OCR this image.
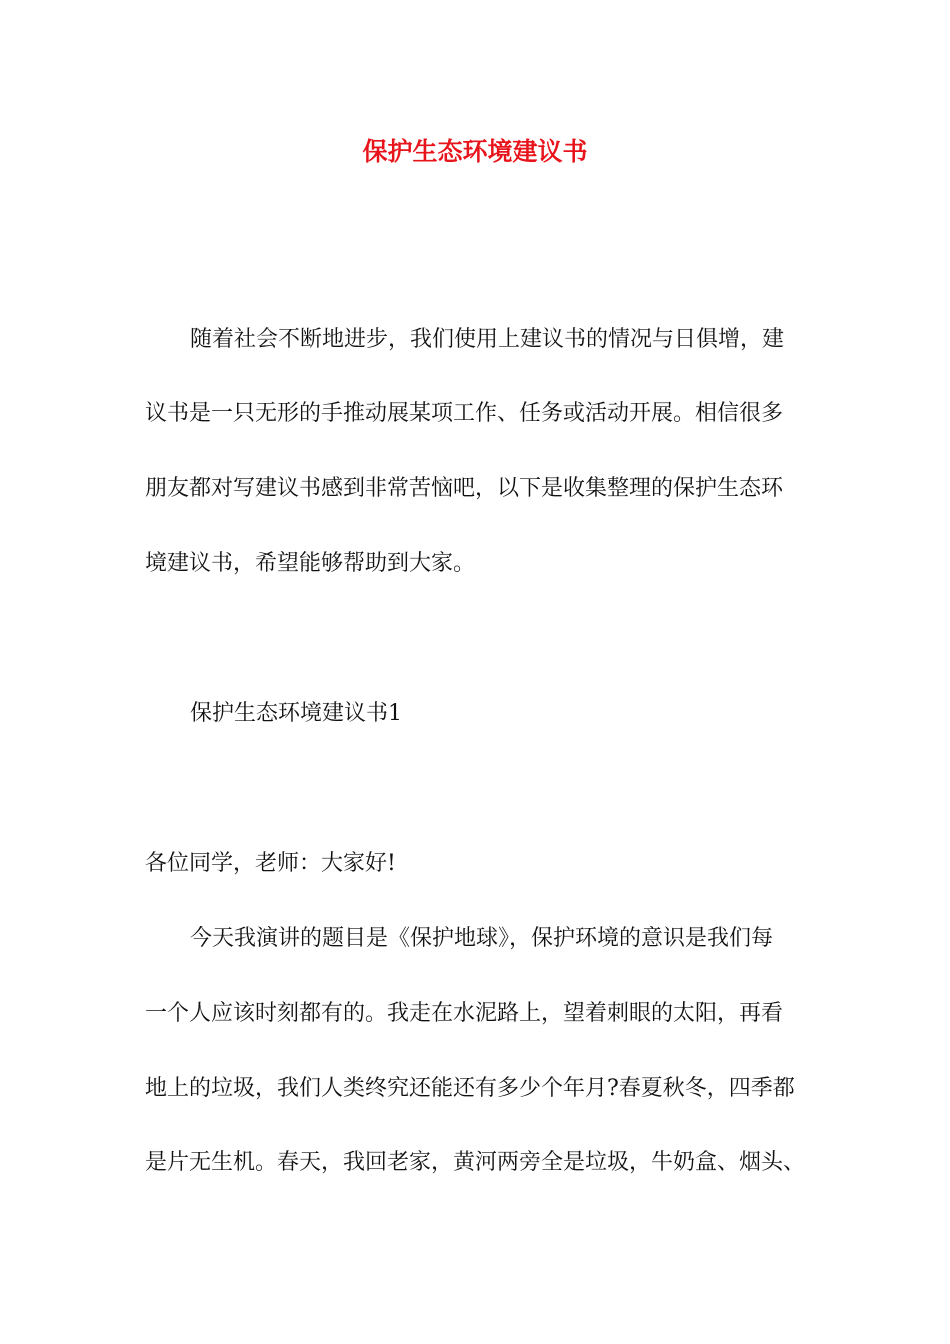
保护生态环境建议书
随着社会不断地进步，我们使用上建议书的情况与日俱增，建
议书是一只无形的手推动展某项工作、任务或活动开展。相信很多
朋友都对写建议书感到非常苦恼吧，以下是收集整理的保护生态环
境建议书，希望能够帮助到大家。
保护生态环境建议书1
各位同学，老师：大家好!
今天我演讲的题目是《保护地球》，保护环境的意识是我们每
一个人应该时刻都有的。我走在水泥路上，望着刺眼的太阳，再看
地上的垃圾，我们人类终究还能还有多少个年月?春夏秋冬，四季都
是片无生机。春天，我回老家，黄河两旁全是垃圾，牛奶盒、烟头、
